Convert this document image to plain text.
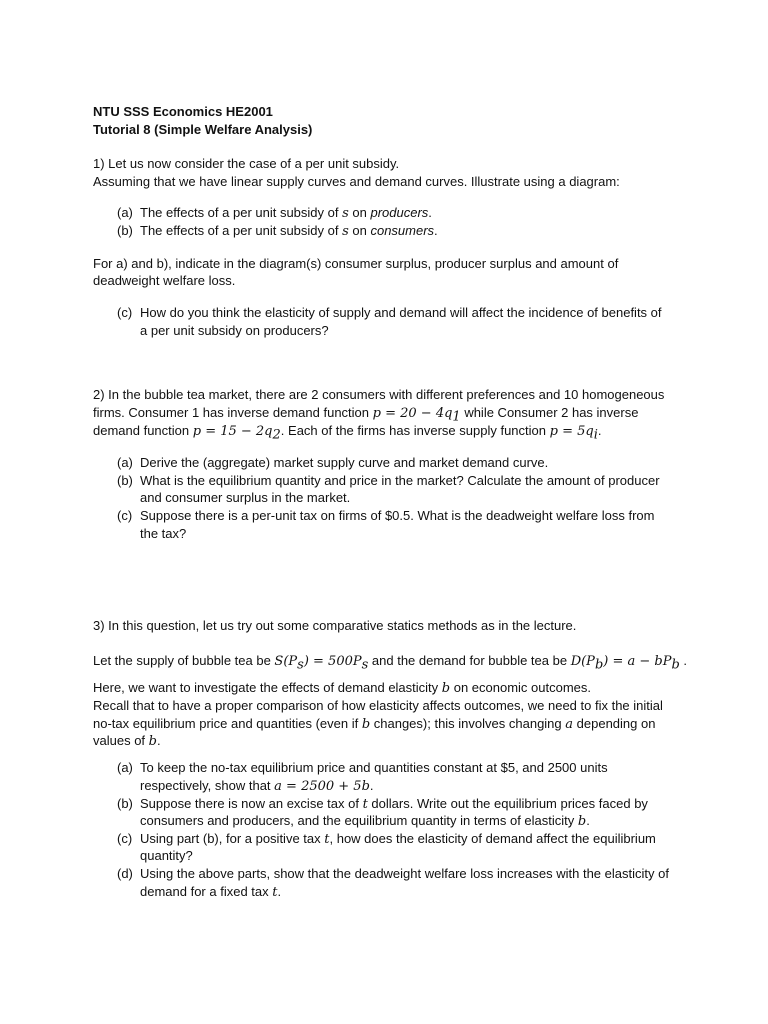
NTU SSS Economics HE2001
Tutorial 8 (Simple Welfare Analysis)
1) Let us now consider the case of a per unit subsidy.
Assuming that we have linear supply curves and demand curves. Illustrate using a diagram:
(a) The effects of a per unit subsidy of s on producers.
(b) The effects of a per unit subsidy of s on consumers.
For a) and b), indicate in the diagram(s) consumer surplus, producer surplus and amount of
deadweight welfare loss.
(c) How do you think the elasticity of supply and demand will affect the incidence of benefits of
a per unit subsidy on producers?
2) In the bubble tea market, there are 2 consumers with different preferences and 10 homogeneous
firms. Consumer 1 has inverse demand function $p = 20 - 4q_1$ while Consumer 2 has inverse
demand function $p = 15 - 2q_2$. Each of the firms has inverse supply function $p = 5q_i$.
(a) Derive the (aggregate) market supply curve and market demand curve.
(b) What is the equilibrium quantity and price in the market? Calculate the amount of producer
and consumer surplus in the market.
(c) Suppose there is a per-unit tax on firms of $0.5. What is the deadweight welfare loss from
the tax?
3) In this question, let us try out some comparative statics methods as in the lecture.
Let the supply of bubble tea be $S(P_s) = 500P_s$ and the demand for bubble tea be $D(P_b) = a - bP_b$ .
Here, we want to investigate the effects of demand elasticity b on economic outcomes.
Recall that to have a proper comparison of how elasticity affects outcomes, we need to fix the initial
no-tax equilibrium price and quantities (even if b changes); this involves changing a depending on
values of b.
(a) To keep the no-tax equilibrium price and quantities constant at $5, and 2500 units
respectively, show that a = 2500 + 5b.
(b) Suppose there is now an excise tax of t dollars. Write out the equilibrium prices faced by
consumers and producers, and the equilibrium quantity in terms of elasticity b.
(c) Using part (b), for a positive tax t, how does the elasticity of demand affect the equilibrium
quantity?
(d) Using the above parts, show that the deadweight welfare loss increases with the elasticity of
demand for a fixed tax t.
